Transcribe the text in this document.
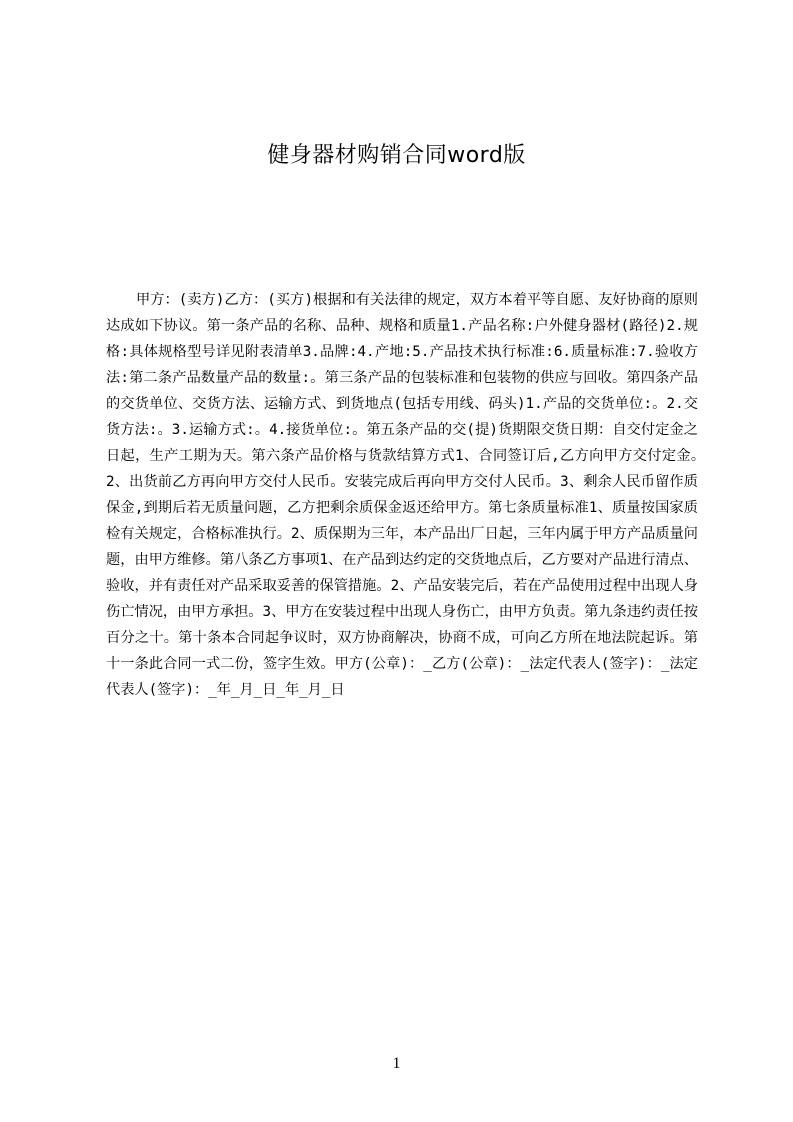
健身器材购销合同word版

甲方：(卖方)乙方：(买方)根据和有关法律的规定，双方本着平等自愿、友好协商的原则达成如下协议。第一条产品的名称、品种、规格和质量1.产品名称:户外健身器材(路径)2.规格:具体规格型号详见附表清单3.品牌:4.产地:5.产品技术执行标准:6.质量标准:7.验收方法:第二条产品数量产品的数量:。第三条产品的包装标准和包装物的供应与回收。第四条产品的交货单位、交货方法、运输方式、到货地点(包括专用线、码头)1.产品的交货单位:。2.交货方法:。3.运输方式:。4.接货单位:。第五条产品的交(提)货期限交货日期：自交付定金之日起，生产工期为天。第六条产品价格与货款结算方式1、合同签订后,乙方向甲方交付定金。　2、出货前乙方再向甲方交付人民币。安装完成后再向甲方交付人民币。3、剩余人民币留作质保金,到期后若无质量问题，乙方把剩余质保金返还给甲方。第七条质量标准1、质量按国家质检有关规定，合格标准执行。2、质保期为三年，本产品出厂日起，三年内属于甲方产品质量问题，由甲方维修。第八条乙方事项1、在产品到达约定的交货地点后，乙方要对产品进行清点、验收，并有责任对产品采取妥善的保管措施。2、产品安装完后，若在产品使用过程中出现人身伤亡情况，由甲方承担。3、甲方在安装过程中出现人身伤亡，由甲方负责。第九条违约责任按百分之十。第十条本合同起争议时，双方协商解决，协商不成，可向乙方所在地法院起诉。第十一条此合同一式二份，签字生效。甲方(公章)：_乙方(公章)：_法定代表人(签字)：_法定代表人(签字)：_年_月_日_年_月_日

1
